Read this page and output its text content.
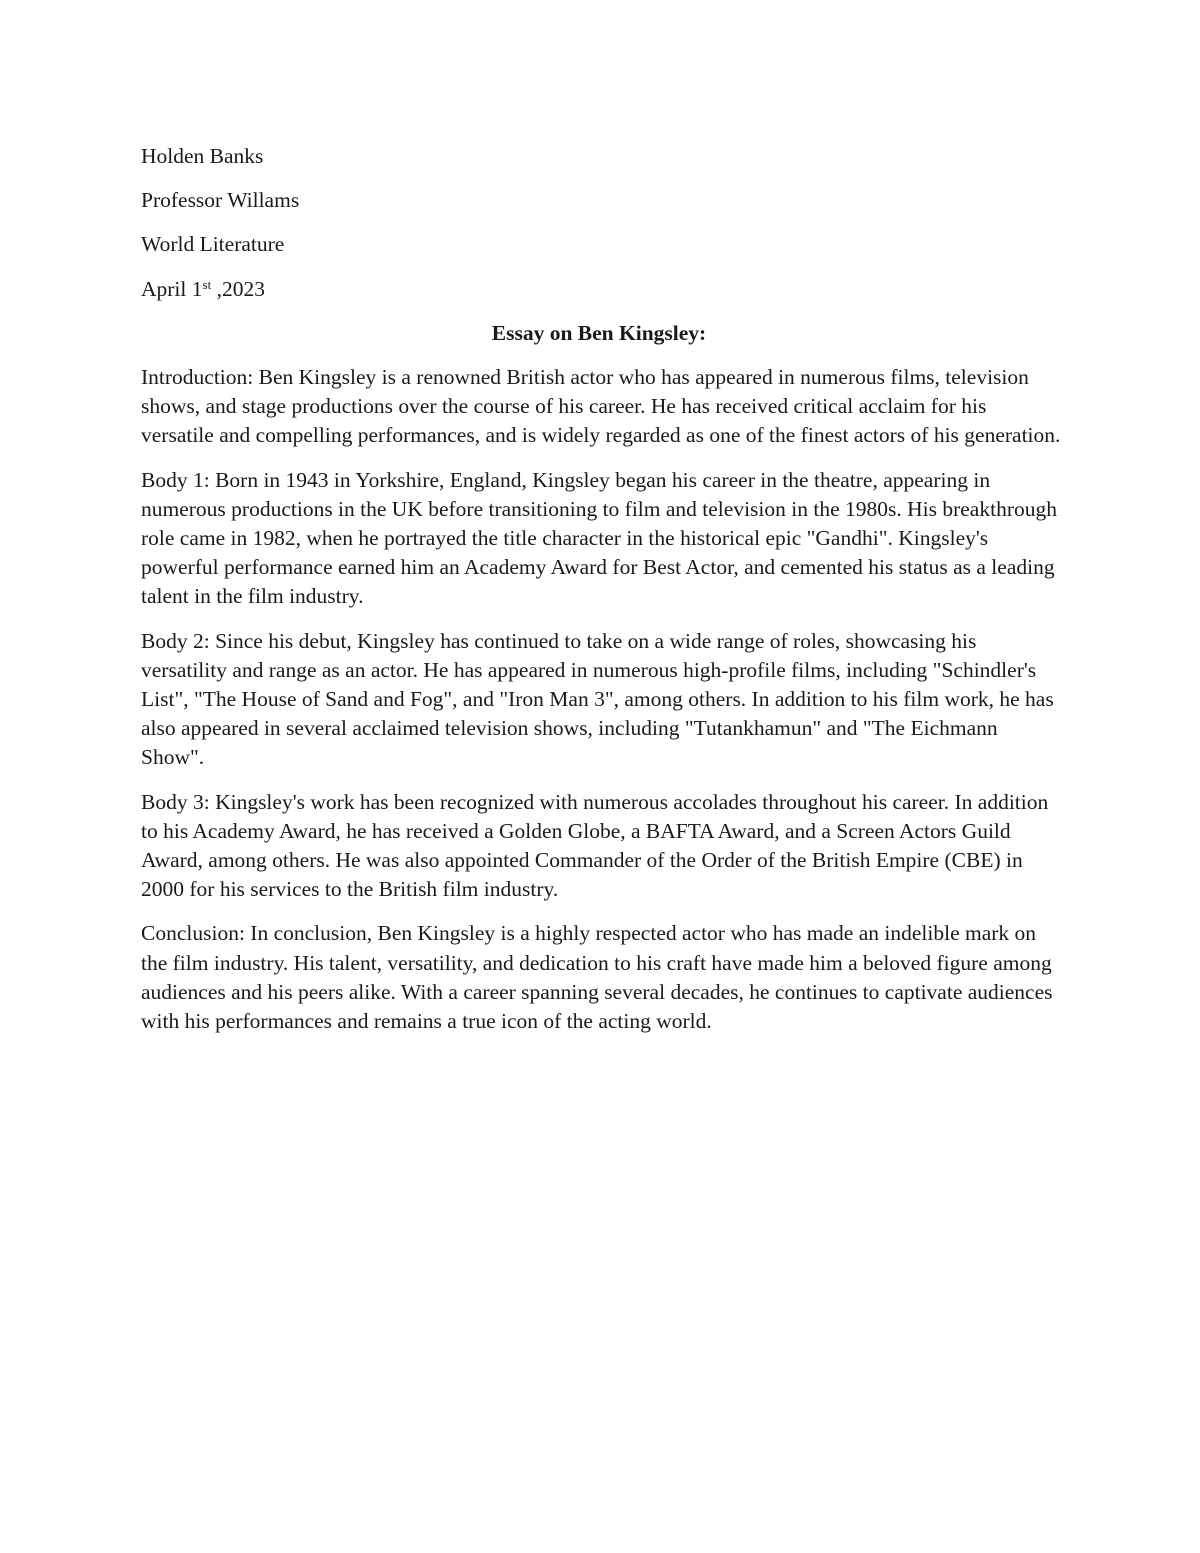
Holden Banks

Professor Willams

World Literature

April 1st ,2023

Essay on Ben Kingsley:

Introduction: Ben Kingsley is a renowned British actor who has appeared in numerous films, television shows, and stage productions over the course of his career. He has received critical acclaim for his versatile and compelling performances, and is widely regarded as one of the finest actors of his generation.

Body 1: Born in 1943 in Yorkshire, England, Kingsley began his career in the theatre, appearing in numerous productions in the UK before transitioning to film and television in the 1980s. His breakthrough role came in 1982, when he portrayed the title character in the historical epic "Gandhi". Kingsley's powerful performance earned him an Academy Award for Best Actor, and cemented his status as a leading talent in the film industry.

Body 2: Since his debut, Kingsley has continued to take on a wide range of roles, showcasing his versatility and range as an actor. He has appeared in numerous high-profile films, including "Schindler's List", "The House of Sand and Fog", and "Iron Man 3", among others. In addition to his film work, he has also appeared in several acclaimed television shows, including "Tutankhamun" and "The Eichmann Show".

Body 3: Kingsley's work has been recognized with numerous accolades throughout his career. In addition to his Academy Award, he has received a Golden Globe, a BAFTA Award, and a Screen Actors Guild Award, among others. He was also appointed Commander of the Order of the British Empire (CBE) in 2000 for his services to the British film industry.

Conclusion: In conclusion, Ben Kingsley is a highly respected actor who has made an indelible mark on the film industry. His talent, versatility, and dedication to his craft have made him a beloved figure among audiences and his peers alike. With a career spanning several decades, he continues to captivate audiences with his performances and remains a true icon of the acting world.
